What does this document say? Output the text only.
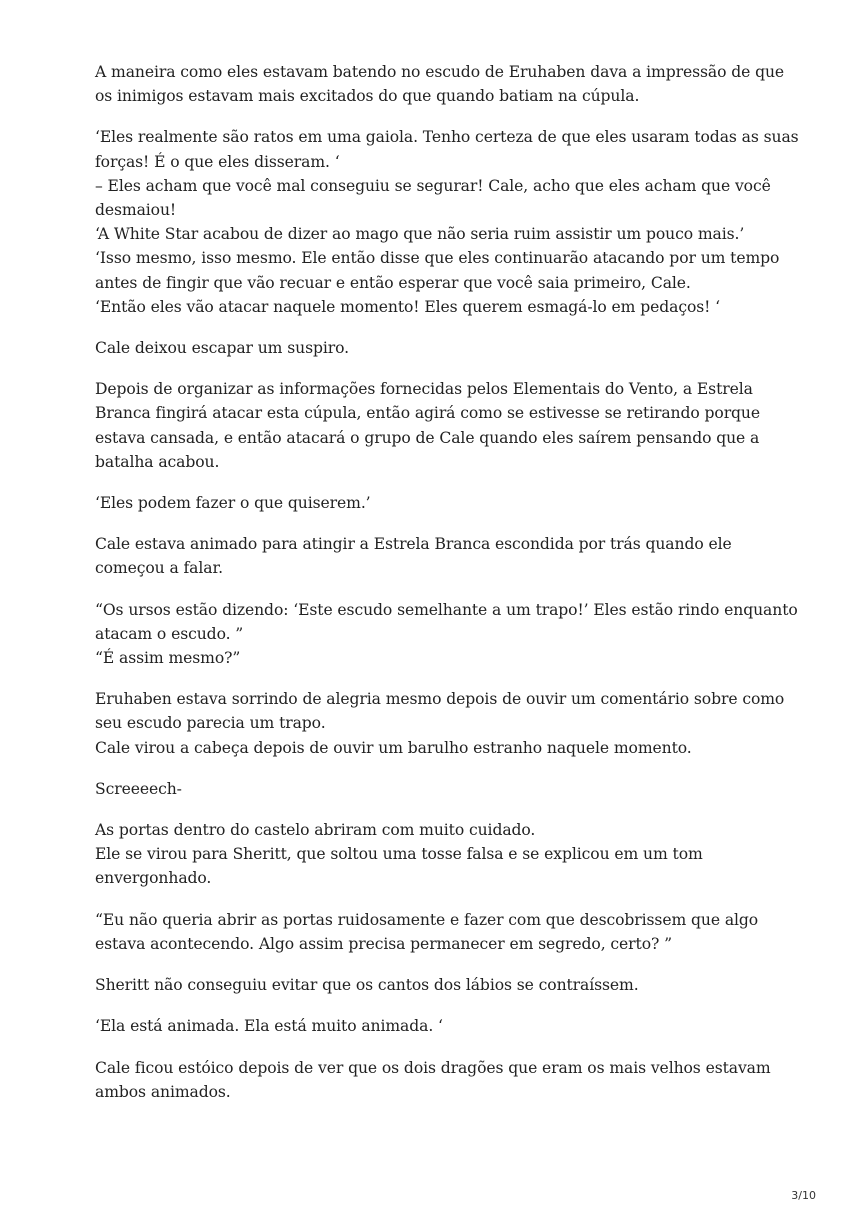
A maneira como eles estavam batendo no escudo de Eruhaben dava a impressão de que
os inimigos estavam mais excitados do que quando batiam na cúpula.

‘Eles realmente são ratos em uma gaiola. Tenho certeza de que eles usaram todas as suas
forças! É o que eles disseram. ‘
– Eles acham que você mal conseguiu se segurar! Cale, acho que eles acham que você
desmaiou!
‘A White Star acabou de dizer ao mago que não seria ruim assistir um pouco mais.’
‘Isso mesmo, isso mesmo. Ele então disse que eles continuarão atacando por um tempo
antes de fingir que vão recuar e então esperar que você saia primeiro, Cale.
‘Então eles vão atacar naquele momento! Eles querem esmagá-lo em pedaços! ‘

Cale deixou escapar um suspiro.

Depois de organizar as informações fornecidas pelos Elementais do Vento, a Estrela
Branca fingirá atacar esta cúpula, então agirá como se estivesse se retirando porque
estava cansada, e então atacará o grupo de Cale quando eles saírem pensando que a
batalha acabou.

‘Eles podem fazer o que quiserem.’

Cale estava animado para atingir a Estrela Branca escondida por trás quando ele
começou a falar.

“Os ursos estão dizendo: ‘Este escudo semelhante a um trapo!’ Eles estão rindo enquanto
atacam o escudo. ”
“É assim mesmo?”

Eruhaben estava sorrindo de alegria mesmo depois de ouvir um comentário sobre como
seu escudo parecia um trapo.
Cale virou a cabeça depois de ouvir um barulho estranho naquele momento.

Screeeech-

As portas dentro do castelo abriram com muito cuidado.
Ele se virou para Sheritt, que soltou uma tosse falsa e se explicou em um tom
envergonhado.

“Eu não queria abrir as portas ruidosamente e fazer com que descobrissem que algo
estava acontecendo. Algo assim precisa permanecer em segredo, certo? ”

Sheritt não conseguiu evitar que os cantos dos lábios se contraíssem.

‘Ela está animada. Ela está muito animada. ‘

Cale ficou estóico depois de ver que os dois dragões que eram os mais velhos estavam
ambos animados.

3/10
